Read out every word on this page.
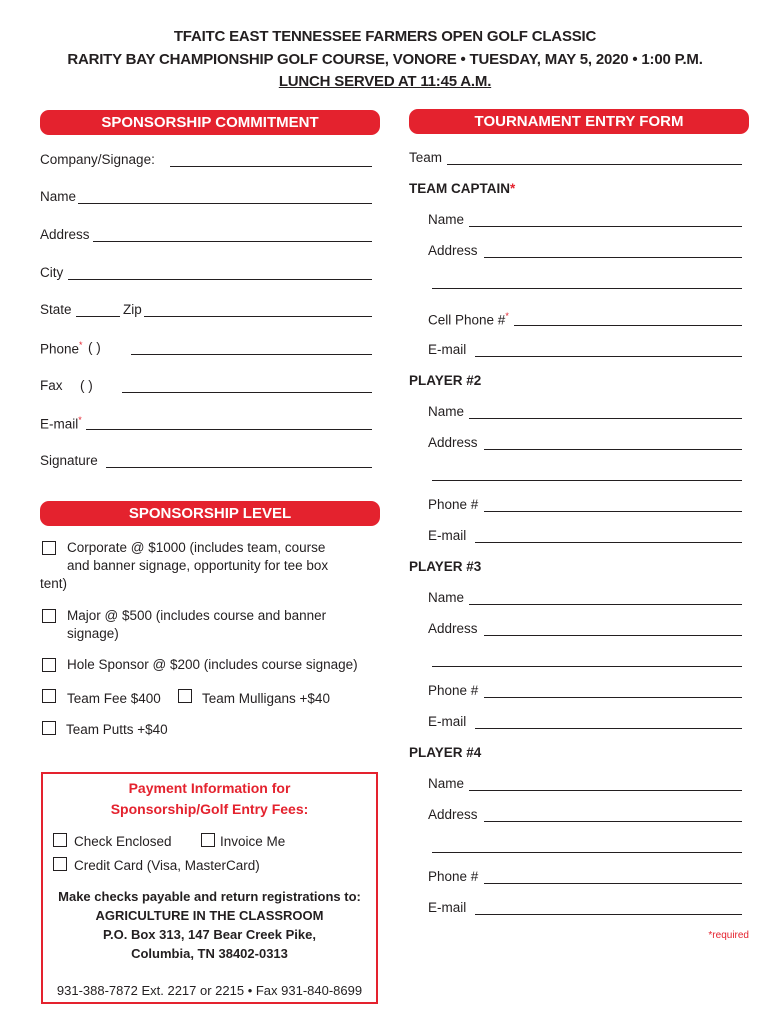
TFAITC EAST TENNESSEE FARMERS OPEN GOLF CLASSIC
RARITY BAY CHAMPIONSHIP GOLF COURSE, VONORE • TUESDAY, MAY 5, 2020 • 1:00 P.M.
LUNCH SERVED AT 11:45 A.M.
SPONSORSHIP COMMITMENT
Company/Signage:
Name
Address
City
State	Zip
Phone* ( )
Fax ( )
E-mail*
Signature
SPONSORSHIP LEVEL
Corporate @ $1000 (includes team, course
and banner signage, opportunity for tee box
tent)
Major @ $500 (includes course and banner
signage)
Hole Sponsor @ $200 (includes course signage)
Team Fee $400	Team Mulligans +$40
Team Putts +$40
Payment Information for
Sponsorship/Golf Entry Fees:
Check Enclosed	Invoice Me
Credit Card (Visa, MasterCard)
Make checks payable and return registrations to:
AGRICULTURE IN THE CLASSROOM
P.O. Box 313, 147 Bear Creek Pike,
Columbia, TN 38402-0313
931-388-7872 Ext. 2217 or 2215 • Fax 931-840-8699
TOURNAMENT ENTRY FORM
Team
TEAM CAPTAIN*
Name
Address
Cell Phone #*
E-mail
PLAYER #2
Name
Address
Phone #
E-mail
PLAYER #3
Name
Address
Phone #
E-mail
PLAYER #4
Name
Address
Phone #
E-mail
*required
